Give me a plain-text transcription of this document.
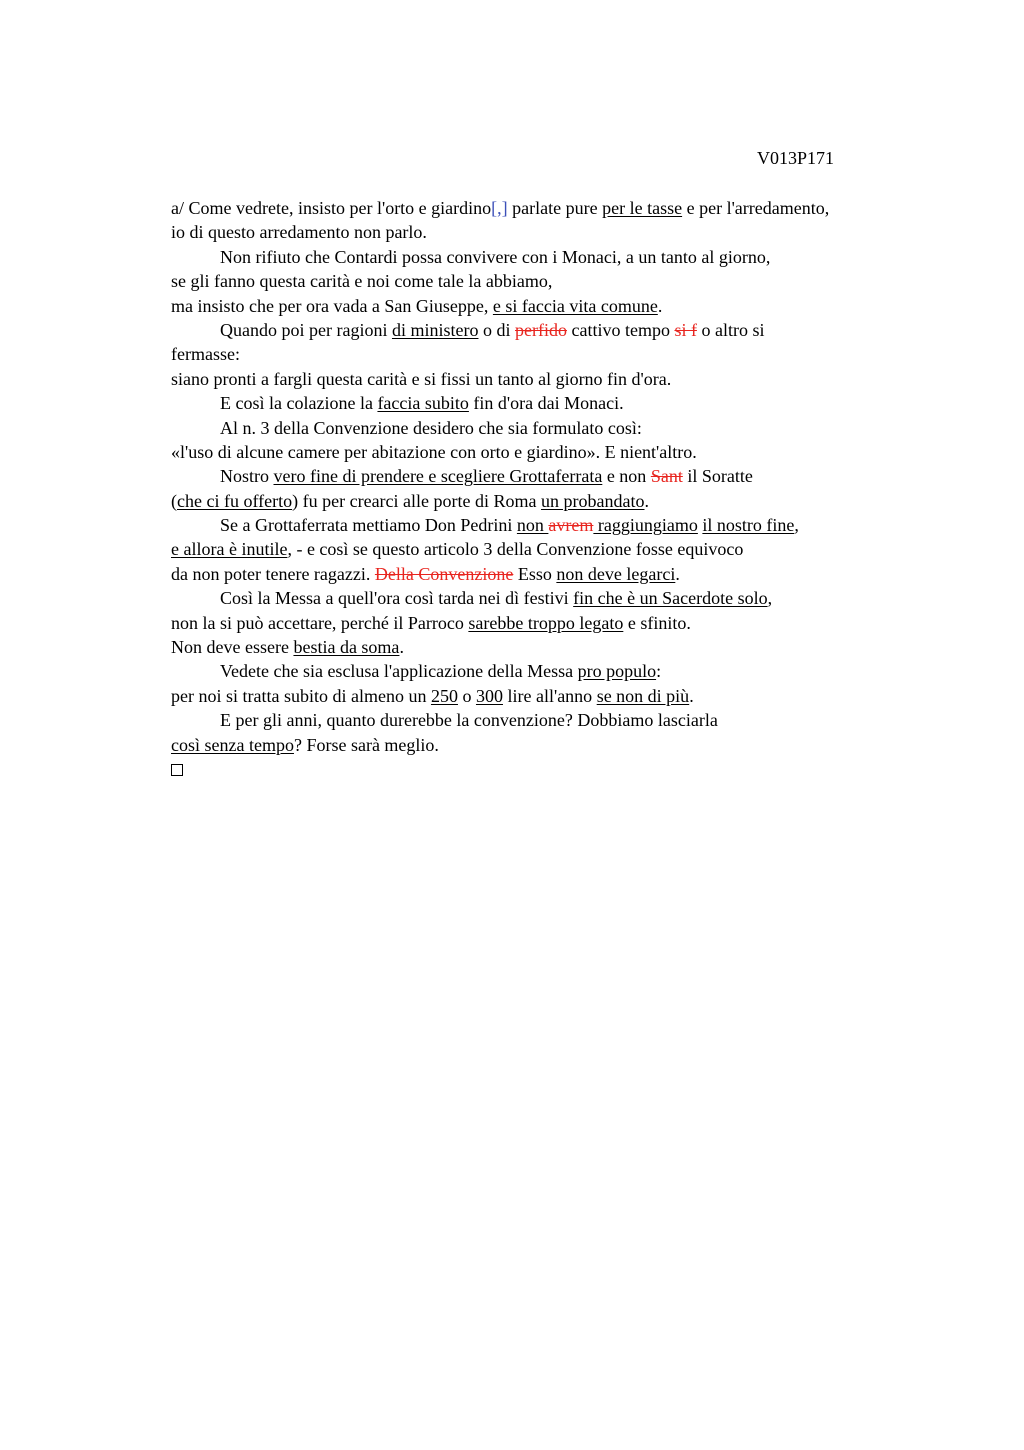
V013P171
a/ Come vedrete, insisto per l'orto e giardino[,] parlate pure per le tasse e per l'arredamento,
io di questo arredamento non parlo.
Non rifiuto che Contardi possa convivere con i Monaci, a un tanto al giorno,
se gli fanno questa carità e noi come tale la abbiamo,
ma insisto che per ora vada a San Giuseppe, e si faccia vita comune.
Quando poi per ragioni di ministero o di perfido cattivo tempo si f o altro si
fermasse:
siano pronti a fargli questa carità e si fissi un tanto al giorno fin d'ora.
E così la colazione la faccia subito fin d'ora dai Monaci.
Al n. 3 della Convenzione desidero che sia formulato così:
«l'uso di alcune camere per abitazione con orto e giardino». E nient'altro.
Nostro vero fine di prendere e scegliere Grottaferrata e non Sant il Soratte
(che ci fu offerto) fu per crearci alle porte di Roma un probandato.
Se a Grottaferrata mettiamo Don Pedrini non avrem raggiungiamo il nostro fine,
e allora è inutile, - e così se questo articolo 3 della Convenzione fosse equivoco
da non poter tenere ragazzi. Della Convenzione Esso non deve legarci.
Così la Messa a quell'ora così tarda nei dì festivi fin che è un Sacerdote solo,
non la si può accettare, perché il Parroco sarebbe troppo legato e sfinito.
Non deve essere bestia da soma.
Vedete che sia esclusa l'applicazione della Messa pro populo:
per noi si tratta subito di almeno un 250 o 300 lire all'anno se non di più.
E per gli anni, quanto durerebbe la convenzione? Dobbiamo lasciarla
così senza tempo? Forse sarà meglio.
